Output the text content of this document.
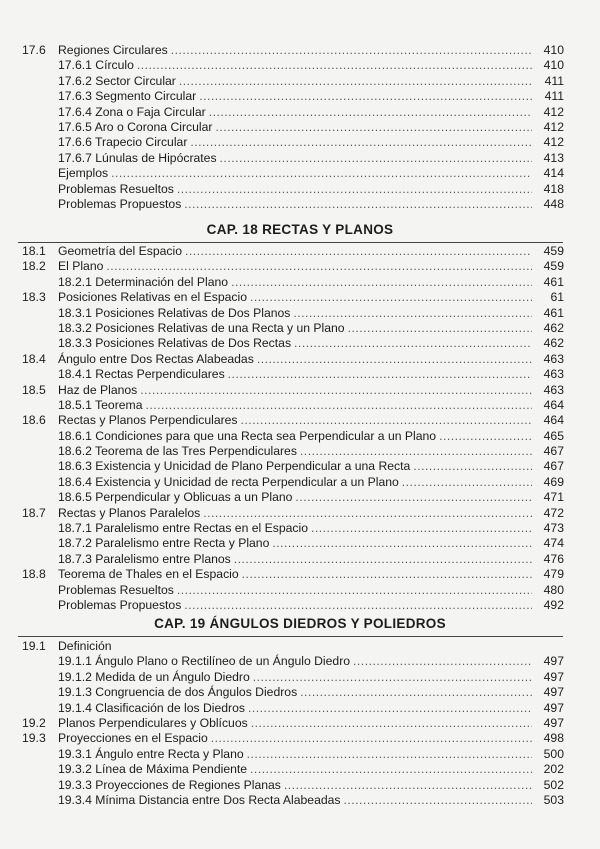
17.6 Regiones Circulares .....	410
17.6.1 Círculo .....	410
17.6.2 Sector Circular .....	411
17.6.3 Segmento Circular .....	411
17.6.4 Zona o Faja Circular .....	412
17.6.5 Aro o Corona Circular .....	412
17.6.6 Trapecio Circular .....	412
17.6.7 Lúnulas de Hipócrates .....	413
Ejemplos .....	414
Problemas Resueltos .....	418
Problemas Propuestos .....	448
CAP. 18 RECTAS Y PLANOS
18.1 Geometría del Espacio .....	459
18.2 El Plano .....	459
18.2.1 Determinación del Plano .....	461
18.3 Posiciones Relativas en el Espacio .....	61
18.3.1 Posiciones Relativas de Dos Planos .....	461
18.3.2 Posiciones Relativas de una Recta y un Plano .....	462
18.3.3 Posiciones Relativas de Dos Rectas .....	462
18.4 Ángulo entre Dos Rectas Alabeadas .....	463
18.4.1 Rectas Perpendiculares .....	463
18.5 Haz de Planos .....	463
18.5.1 Teorema .....	464
18.6 Rectas y Planos Perpendiculares .....	464
18.6.1 Condiciones para que una Recta sea Perpendicular a un Plano .....	465
18.6.2 Teorema de las Tres Perpendiculares .....	467
18.6.3 Existencia y Unicidad de Plano Perpendicular a una Recta .....	467
18.6.4 Existencia y Unicidad de recta Perpendicular a un Plano .....	469
18.6.5 Perpendicular y Oblicuas a un Plano .....	471
18.7 Rectas y Planos Paralelos .....	472
18.7.1 Paralelismo entre Rectas en el Espacio .....	473
18.7.2 Paralelismo entre Recta y Plano .....	474
18.7.3 Paralelismo entre Planos .....	476
18.8 Teorema de Thales en el Espacio .....	479
Problemas Resueltos .....	480
Problemas Propuestos .....	492
CAP. 19 ÁNGULOS DIEDROS Y POLIEDROS
19.1 Definición
19.1.1 Ángulo Plano o Rectilíneo de un Ángulo Diedro .....	497
19.1.2 Medida de un Ángulo Diedro .....	497
19.1.3 Congruencia de dos Ángulos Diedros .....	497
19.1.4 Clasificación de los Diedros .....	497
19.2 Planos Perpendiculares y Oblícuos .....	497
19.3 Proyecciones en el Espacio .....	498
19.3.1 Ángulo entre Recta y Plano .....	500
19.3.2 Línea de Máxima Pendiente .....	202
19.3.3 Proyecciones de Regiones Planas .....	502
19.3.4 Mínima Distancia entre Dos Recta Alabeadas .....	503
